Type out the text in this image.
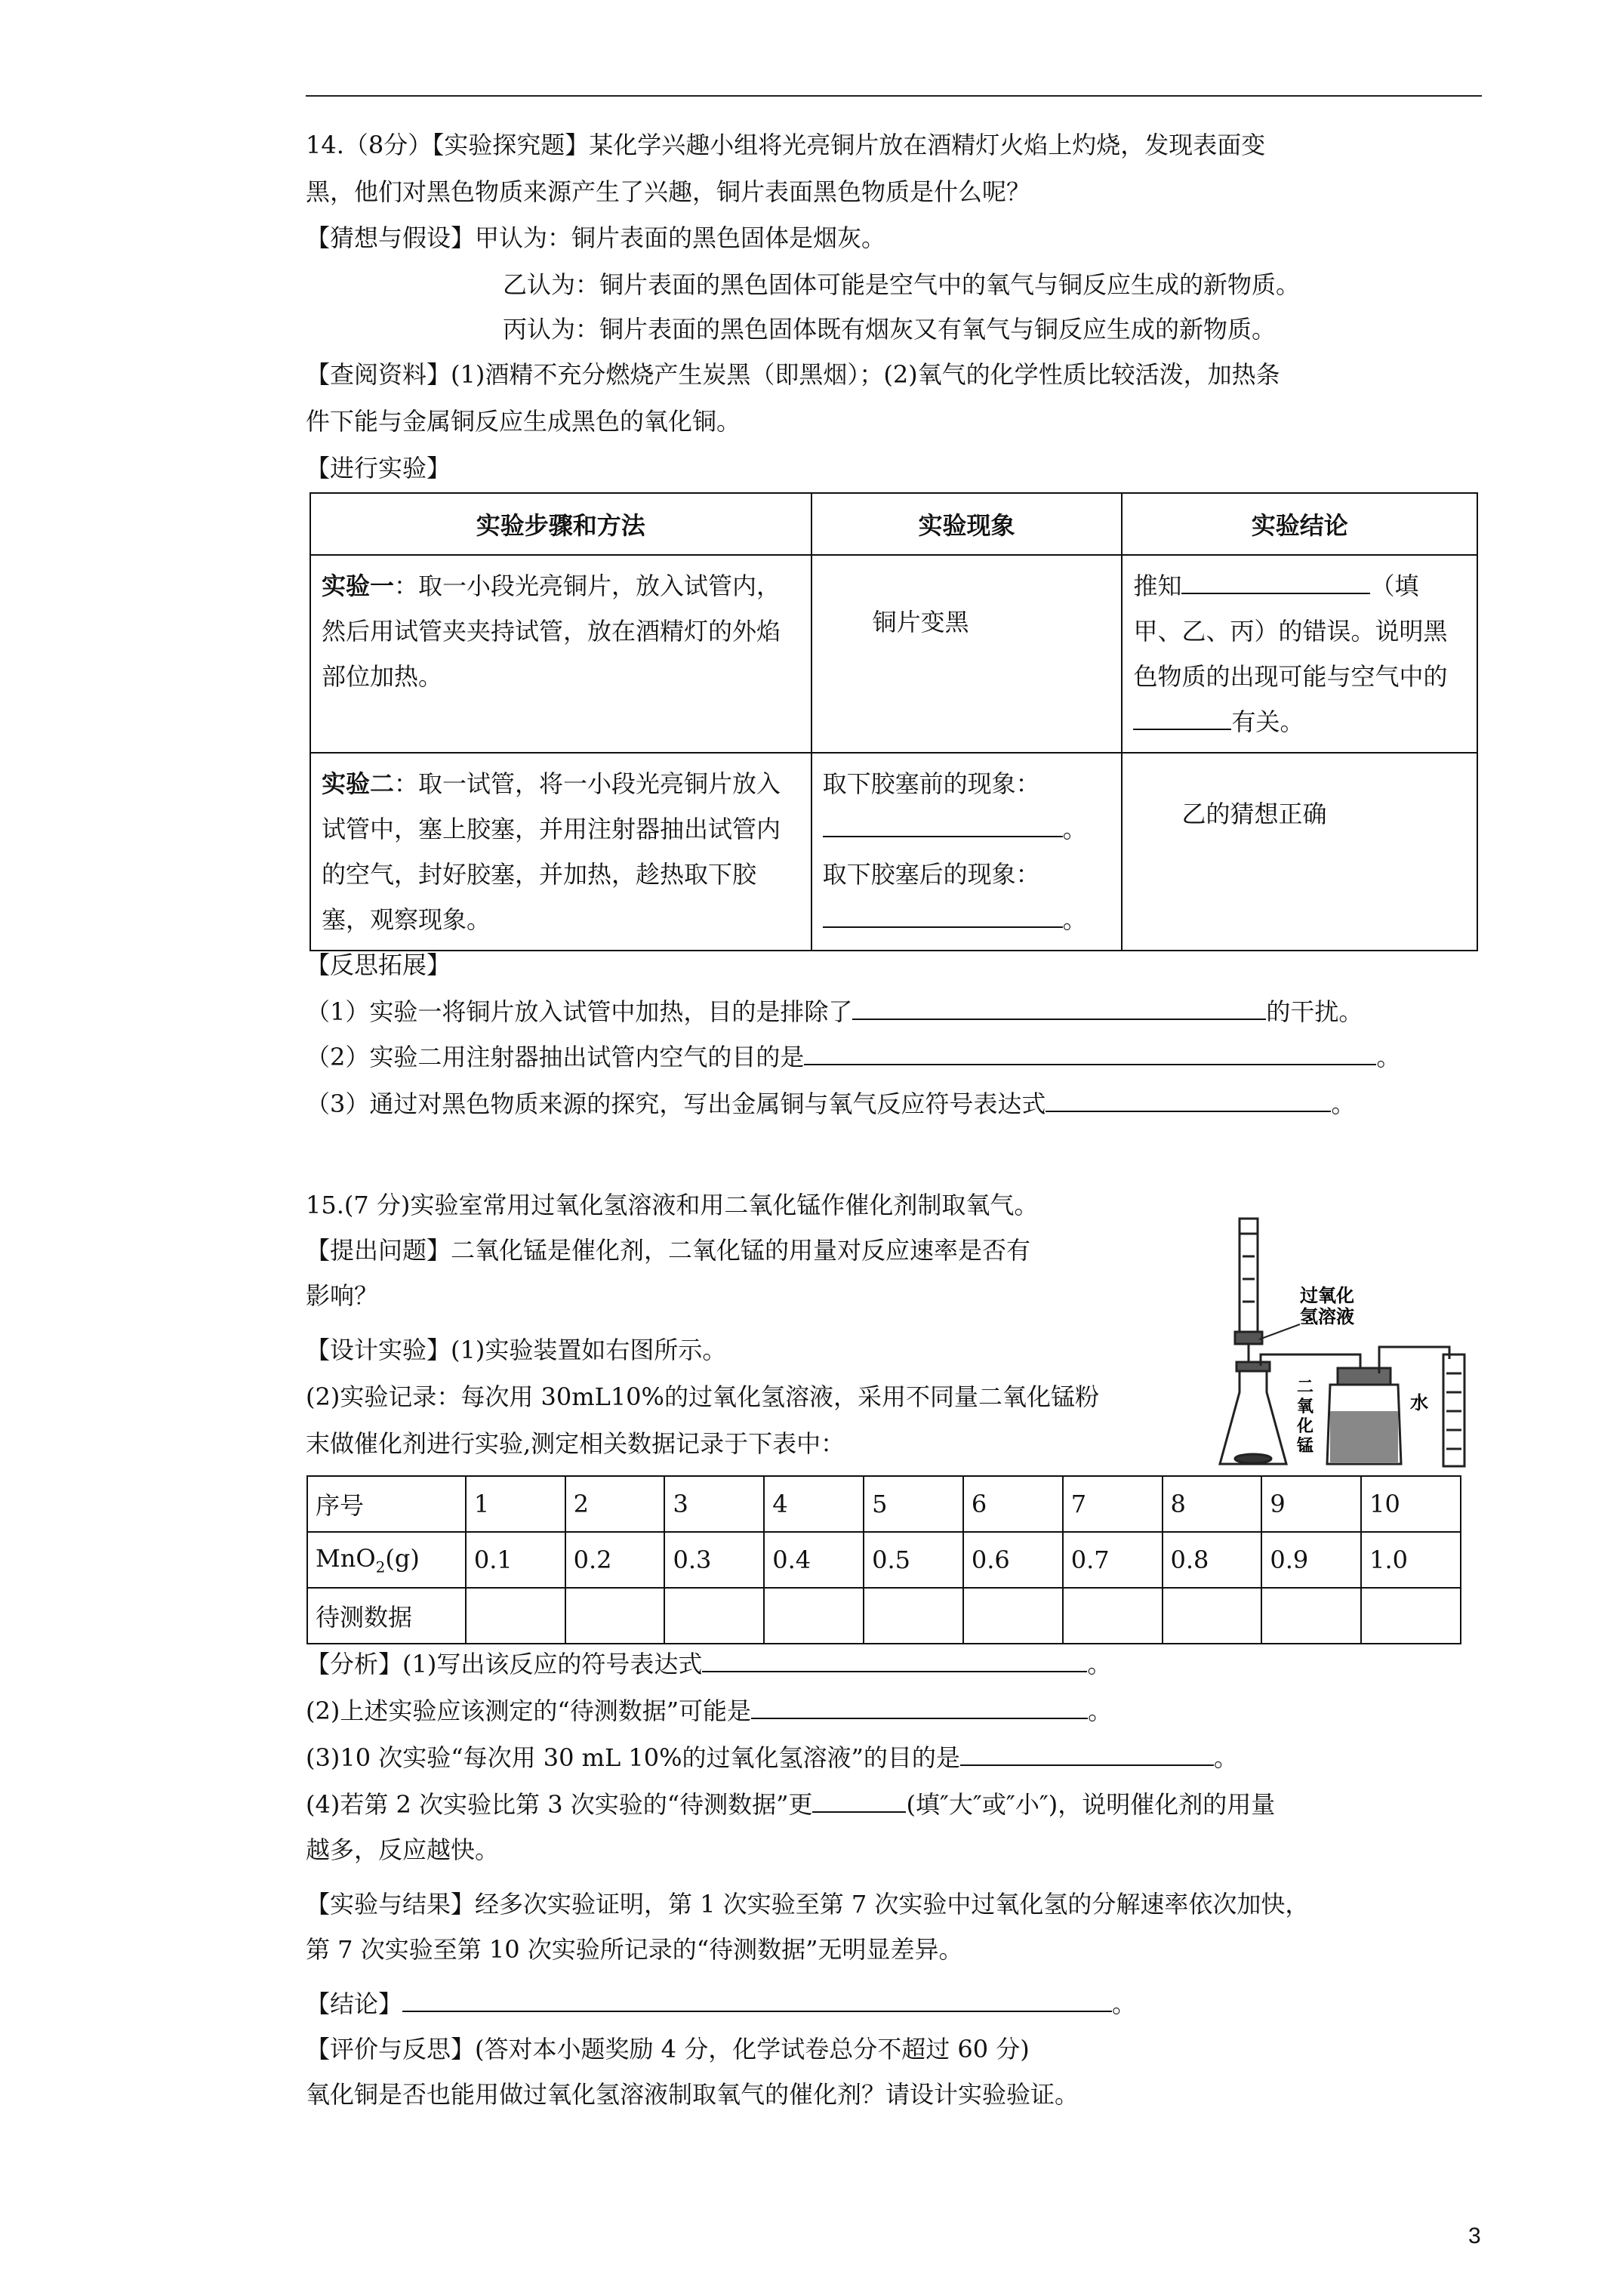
14.（8分）【实验探究题】某化学兴趣小组将光亮铜片放在酒精灯火焰上灼烧，发现表面变
黑，他们对黑色物质来源产生了兴趣，铜片表面黑色物质是什么呢？
【猜想与假设】甲认为：铜片表面的黑色固体是烟灰。
乙认为：铜片表面的黑色固体可能是空气中的氧气与铜反应生成的新物质。
丙认为：铜片表面的黑色固体既有烟灰又有氧气与铜反应生成的新物质。
【查阅资料】(1)酒精不充分燃烧产生炭黑（即黑烟）；(2)氧气的化学性质比较活泼，加热条
件下能与金属铜反应生成黑色的氧化铜。
【进行实验】
实验步骤和方法	实验现象	实验结论
实验一：取一小段光亮铜片，放入试管内，然后用试管夹夹持试管，放在酒精灯的外焰部位加热。	铜片变黑	推知 （填甲、乙、丙）的错误。说明黑色物质的出现可能与空气中的有关。
实验二：取一试管，将一小段光亮铜片放入试管中，塞上胶塞，并用注射器抽出试管内的空气，封好胶塞，并加热，趁热取下胶塞，观察现象。	取下胶塞前的现象：
。
取下胶塞后的现象：
。	乙的猜想正确
【反思拓展】
（1）实验一将铜片放入试管中加热，目的是排除了	的干扰。
（2）实验二用注射器抽出试管内空气的目的是	。
（3）通过对黑色物质来源的探究，写出金属铜与氧气反应符号表达式	。
15.(7 分)实验室常用过氧化氢溶液和用二氧化锰作催化剂制取氧气。
【提出问题】二氧化锰是催化剂，二氧化锰的用量对反应速率是否有
影响？
【设计实验】(1)实验装置如右图所示。
(2)实验记录：每次用 30mL10%的过氧化氢溶液，采用不同量二氧化锰粉
末做催化剂进行实验,测定相关数据记录于下表中：
过氧化
氢溶液
二
氧
化
锰
水
序号	1	2	3	4	5	6	7	8	9	10
MnO$_2$(g)	0.1	0.2	0.3	0.4	0.5	0.6	0.7	0.8	0.9	1.0
待测数据										
【分析】(1)写出该反应的符号表达式	。
(2)上述实验应该测定的“待测数据”可能是	。
(3)10 次实验“每次用 30 mL 10%的过氧化氢溶液”的目的是	。
(4)若第 2 次实验比第 3 次实验的“待测数据”更	(填″大″或″小″)，说明催化剂的用量
越多，反应越快。
【实验与结果】经多次实验证明，第 1 次实验至第 7 次实验中过氧化氢的分解速率依次加快，
第 7 次实验至第 10 次实验所记录的“待测数据”无明显差异。
【结论】	。
【评价与反思】(答对本小题奖励 4 分，化学试卷总分不超过 60 分)
氧化铜是否也能用做过氧化氢溶液制取氧气的催化剂？请设计实验验证。
3
